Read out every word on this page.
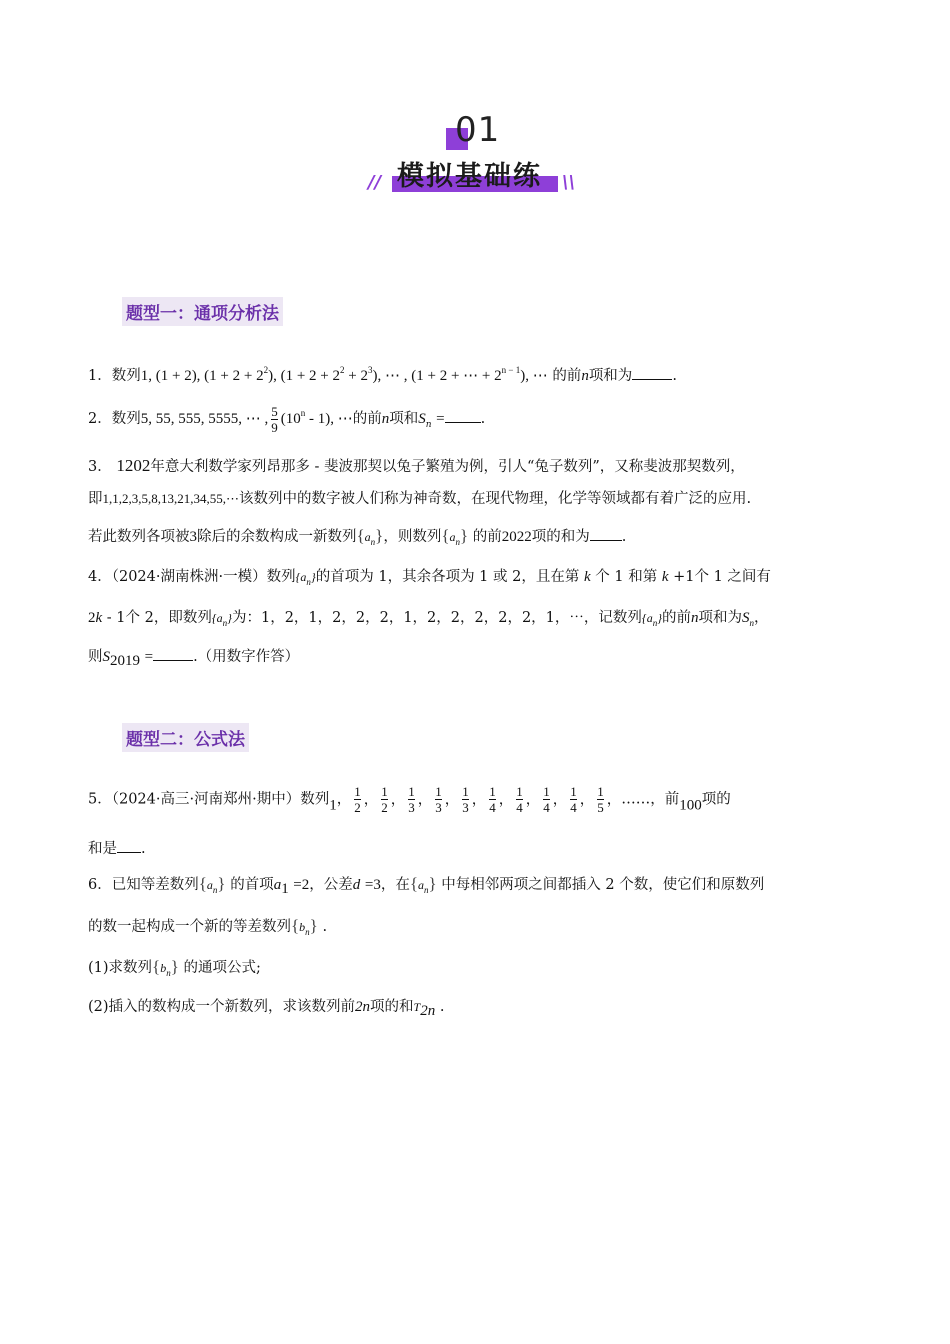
01
// 模拟基础练 \\
题型一：通项分析法
1．数列1, (1 + 2), $(1 + 2 + 2^2)$, $(1 + 2 + 2^2 + 2^3)$, ⋯ , (1 + 2 + ⋯ + $2^{n - 1}$), ⋯ 的前n项和为	.
2．数列5, 55, 555, 5555, ⋯ , $\frac{5}{9} (10^n - 1)$, ⋯的前n项和$S_n$ = .
3． 1202年意大利数学家列昂那多 - 斐波那契以兔子繁殖为例，引人“兔子数列”，又称斐波那契数列，
即1,1,2,3,5,8,13,21,34,55,⋯该数列中的数字被人们称为神奇数，在现代物理，化学等领域都有着广泛的应用.
若此数列各项被3除后的余数构成一新数列$\{a_n\}$，则数列$\{a_n\}$ 的前2022项的和为 .
4．（2024·湖南株洲·一模）数列$\{a_n\}$的首项为 1，其余各项为 1 或 2，且在第 k 个 1 和第 k +1个 1 之间有
2k - 1个 2，即数列$\{a_n\}$为：1，2，1，2，2，2，1，2，2，2，2，2，1，⋯，记数列$\{a_n\}$的前n项和为$S_n$，
则$S_{2019}$ =	.（用数字作答）
题型二：公式法
5．（2024·高三·河南郑州·期中）数列1， $\frac{1}{2}$ ， $\frac{1}{2}$ ， $\frac{1}{3}$ ， $\frac{1}{3}$ ， $\frac{1}{3}$ ， $\frac{1}{4}$ ， $\frac{1}{4}$ ， $\frac{1}{4}$ ， $\frac{1}{4}$ ， $\frac{1}{5}$ ，……，前100项的
和是 .
6．已知等差数列$\{a_n\}$ 的首项$a_1 =2$，公差d =3，在$\{a_n\}$ 中每相邻两项之间都插入 2 个数，使它们和原数列
的数一起构成一个新的等差数列$\{b_n\}$ .
(1)求数列$\{b_n\}$ 的通项公式;
(2)插入的数构成一个新数列，求该数列前2n项的和$T_{2n}$ .
